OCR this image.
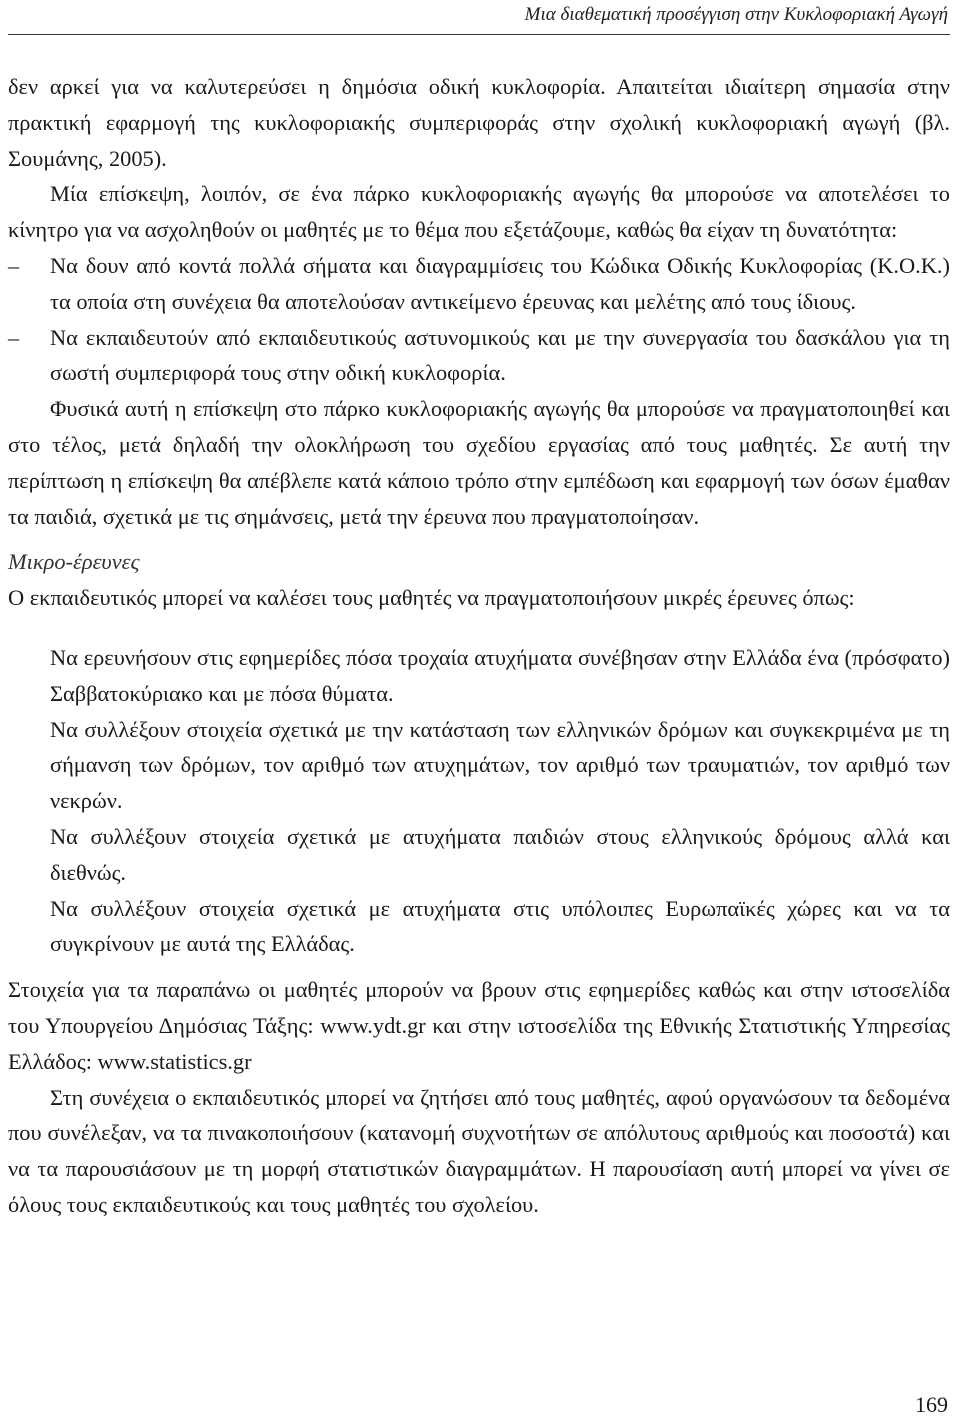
Μια διαθεματική προσέγγιση στην Κυκλοφοριακή Αγωγή

δεν αρκεί για να καλυτερεύσει η δημόσια οδική κυκλοφορία. Απαιτείται ιδιαίτερη σημασία στην πρακτική εφαρμογή της κυκλοφοριακής συμπεριφοράς στην σχολική κυκλοφοριακή αγωγή (βλ. Σουμάνης, 2005).

Μία επίσκεψη, λοιπόν, σε ένα πάρκο κυκλοφοριακής αγωγής θα μπορούσε να αποτελέσει το κίνητρο για να ασχοληθούν οι μαθητές με το θέμα που εξετάζουμε, καθώς θα είχαν τη δυνατότητα:

–	Να δουν από κοντά πολλά σήματα και διαγραμμίσεις του Κώδικα Οδικής Κυκλοφορίας (Κ.Ο.Κ.) τα οποία στη συνέχεια θα αποτελούσαν αντικείμενο έρευνας και μελέτης από τους ίδιους.
–	Να εκπαιδευτούν από εκπαιδευτικούς αστυνομικούς και με την συνεργασία του δασκάλου για τη σωστή συμπεριφορά τους στην οδική κυκλοφορία.

Φυσικά αυτή η επίσκεψη στο πάρκο κυκλοφοριακής αγωγής θα μπορούσε να πραγματοποιηθεί και στο τέλος, μετά δηλαδή την ολοκλήρωση του σχεδίου εργασίας από τους μαθητές. Σε αυτή την περίπτωση η επίσκεψη θα απέβλεπε κατά κάποιο τρόπο στην εμπέδωση και εφαρμογή των όσων έμαθαν τα παιδιά, σχετικά με τις σημάνσεις, μετά την έρευνα που πραγματοποίησαν.

Μικρο-έρευνες

Ο εκπαιδευτικός μπορεί να καλέσει τους μαθητές να πραγματοποιήσουν μικρές έρευνες όπως:

Να ερευνήσουν στις εφημερίδες πόσα τροχαία ατυχήματα συνέβησαν στην Ελλάδα ένα (πρόσφατο) Σαββατοκύριακο και με πόσα θύματα.

Να συλλέξουν στοιχεία σχετικά με την κατάσταση των ελληνικών δρόμων και συγκεκριμένα με τη σήμανση των δρόμων, τον αριθμό των ατυχημάτων, τον αριθμό των τραυματιών, τον αριθμό των νεκρών.

Να συλλέξουν στοιχεία σχετικά με ατυχήματα παιδιών στους ελληνικούς δρόμους αλλά και διεθνώς.

Να συλλέξουν στοιχεία σχετικά με ατυχήματα στις υπόλοιπες Ευρωπαϊκές χώρες και να τα συγκρίνουν με αυτά της Ελλάδας.

Στοιχεία για τα παραπάνω οι μαθητές μπορούν να βρουν στις εφημερίδες καθώς και στην ιστοσελίδα του Υπουργείου Δημόσιας Τάξης: www.ydt.gr και στην ιστοσελίδα της Εθνικής Στατιστικής Υπηρεσίας Ελλάδος: www.statistics.gr

Στη συνέχεια ο εκπαιδευτικός μπορεί να ζητήσει από τους μαθητές, αφού οργανώσουν τα δεδομένα που συνέλεξαν, να τα πινακοποιήσουν (κατανομή συχνοτήτων σε απόλυτους αριθμούς και ποσοστά) και να τα παρουσιάσουν με τη μορφή στατιστικών διαγραμμάτων. Η παρουσίαση αυτή μπορεί να γίνει σε όλους τους εκπαιδευτικούς και τους μαθητές του σχολείου.

169
